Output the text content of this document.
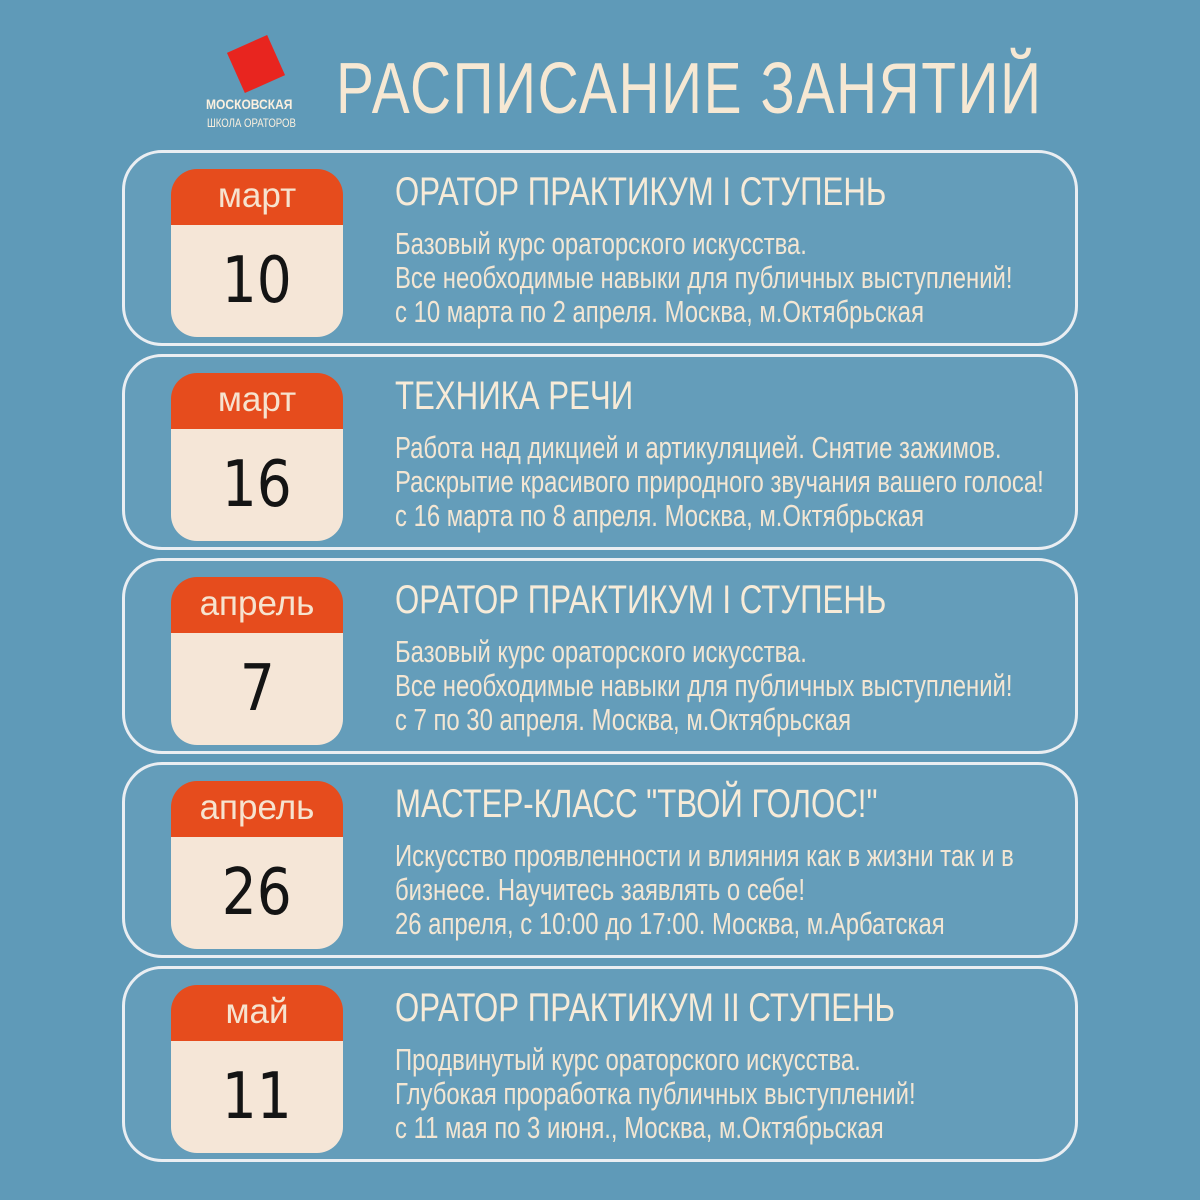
МОСКОВСКАЯ
ШКОЛА ОРАТОРОВ РАСПИСАНИЕ ЗАНЯТИЙ
март
10
ОРАТОР ПРАКТИКУМ I СТУПЕНЬ
Базовый курс ораторского искусства.
Все необходимые навыки для публичных выступлений!
с 10 марта по 2 апреля. Москва, м.Октябрьская
март
16
ТЕХНИКА РЕЧИ
Работа над дикцией и артикуляцией. Снятие зажимов.
Раскрытие красивого природного звучания вашего голоса!
с 16 марта по 8 апреля. Москва, м.Октябрьская
апрель
7
ОРАТОР ПРАКТИКУМ I СТУПЕНЬ
Базовый курс ораторского искусства.
Все необходимые навыки для публичных выступлений!
с 7 по 30 апреля. Москва, м.Октябрьская
апрель
26
МАСТЕР-КЛАСС "ТВОЙ ГОЛОС!"
Искусство проявленности и влияния как в жизни так и в
бизнесе. Научитесь заявлять о себе!
26 апреля, с 10:00 до 17:00. Москва, м.Арбатская
май
11
ОРАТОР ПРАКТИКУМ II СТУПЕНЬ
Продвинутый курс ораторского искусства.
Глубокая проработка публичных выступлений!
с 11 мая по 3 июня., Москва, м.Октябрьская
